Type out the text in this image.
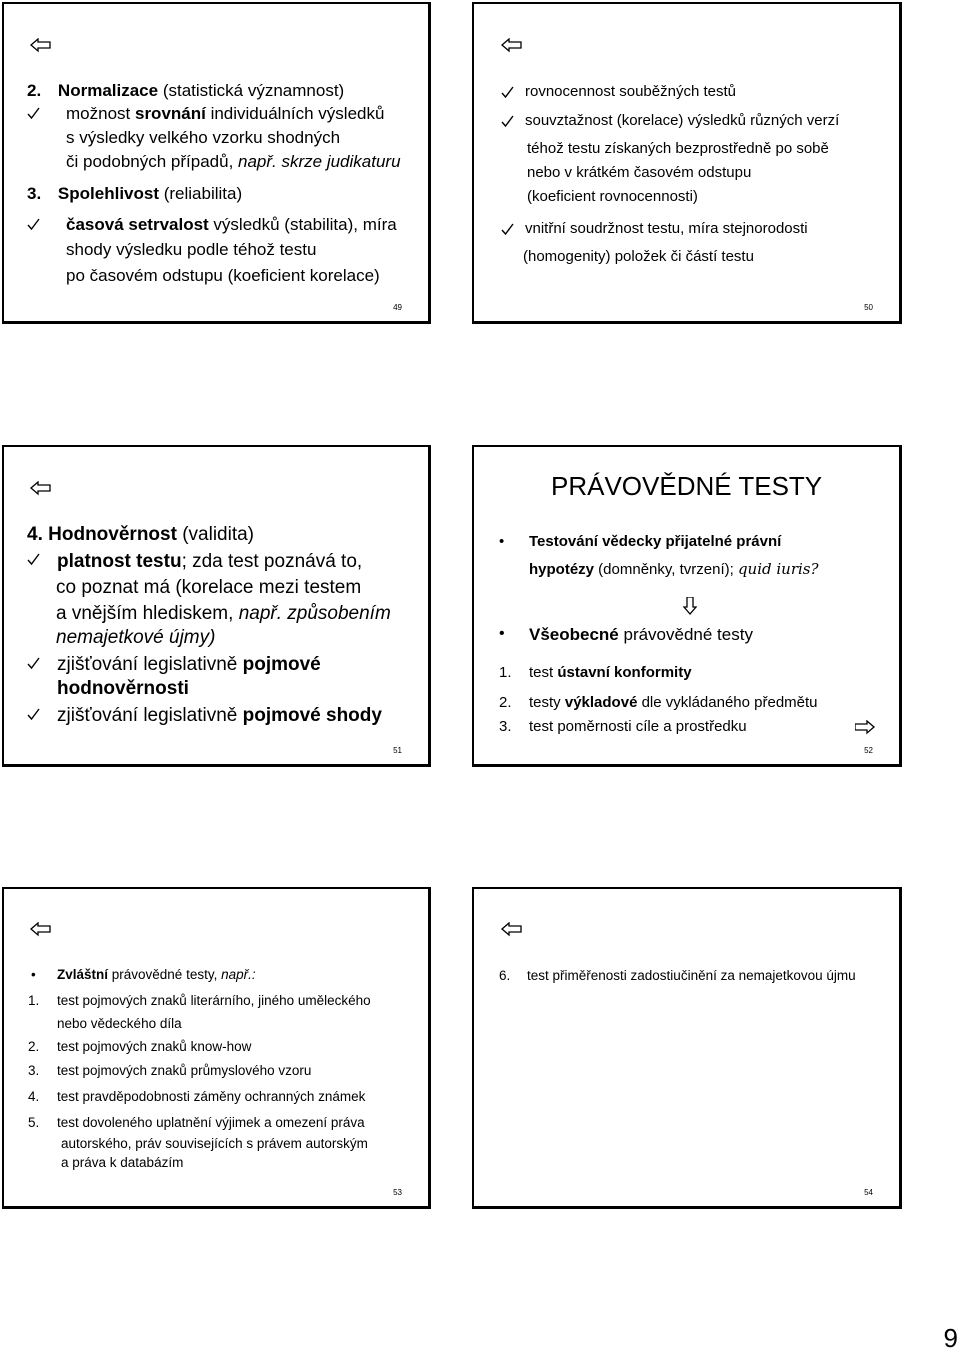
2. Normalizace (statistická významnost)
možnost srovnání individuálních výsledků
s výsledky velkého vzorku shodných
či podobných případů, např. skrze judikaturu
3. Spolehlivost (reliabilita)
časová setrvalost výsledků (stabilita), míra
shody výsledku podle téhož testu
po časovém odstupu (koeficient korelace)
49
rovnocennost souběžných testů
souvztažnost (korelace) výsledků různých verzí
téhož testu získaných bezprostředně po sobě
nebo v krátkém časovém odstupu
(koeficient rovnocennosti)
vnitřní soudržnost testu, míra stejnorodosti
(homogenity) položek či částí testu
50
4. Hodnověrnost (validita)
platnost testu; zda test poznává to,
co poznat má (korelace mezi testem
a vnějším hlediskem, např. způsobením
nemajetkové újmy)
zjišťování legislativně pojmové
hodnověrnosti
zjišťování legislativně pojmové shody
51
PRÁVOVĚDNÉ TESTY
• Testování vědecky přijatelné právní
hypotézy (domněnky, tvrzení); quid iuris?
• Všeobecné právovědné testy
1. test ústavní konformity
2. testy výkladové dle vykládaného předmětu
3. test poměrnosti cíle a prostředku
52
• Zvláštní právovědné testy, např.:
1. test pojmových znaků literárního, jiného uměleckého
nebo vědeckého díla
2. test pojmových znaků know-how
3. test pojmových znaků průmyslového vzoru
4. test pravděpodobnosti záměny ochranných známek
5. test dovoleného uplatnění výjimek a omezení práva
autorského, práv souvisejících s právem autorským
a práva k databázím
53
6. test přiměřenosti zadostiučinění za nemajetkovou újmu
54
9
